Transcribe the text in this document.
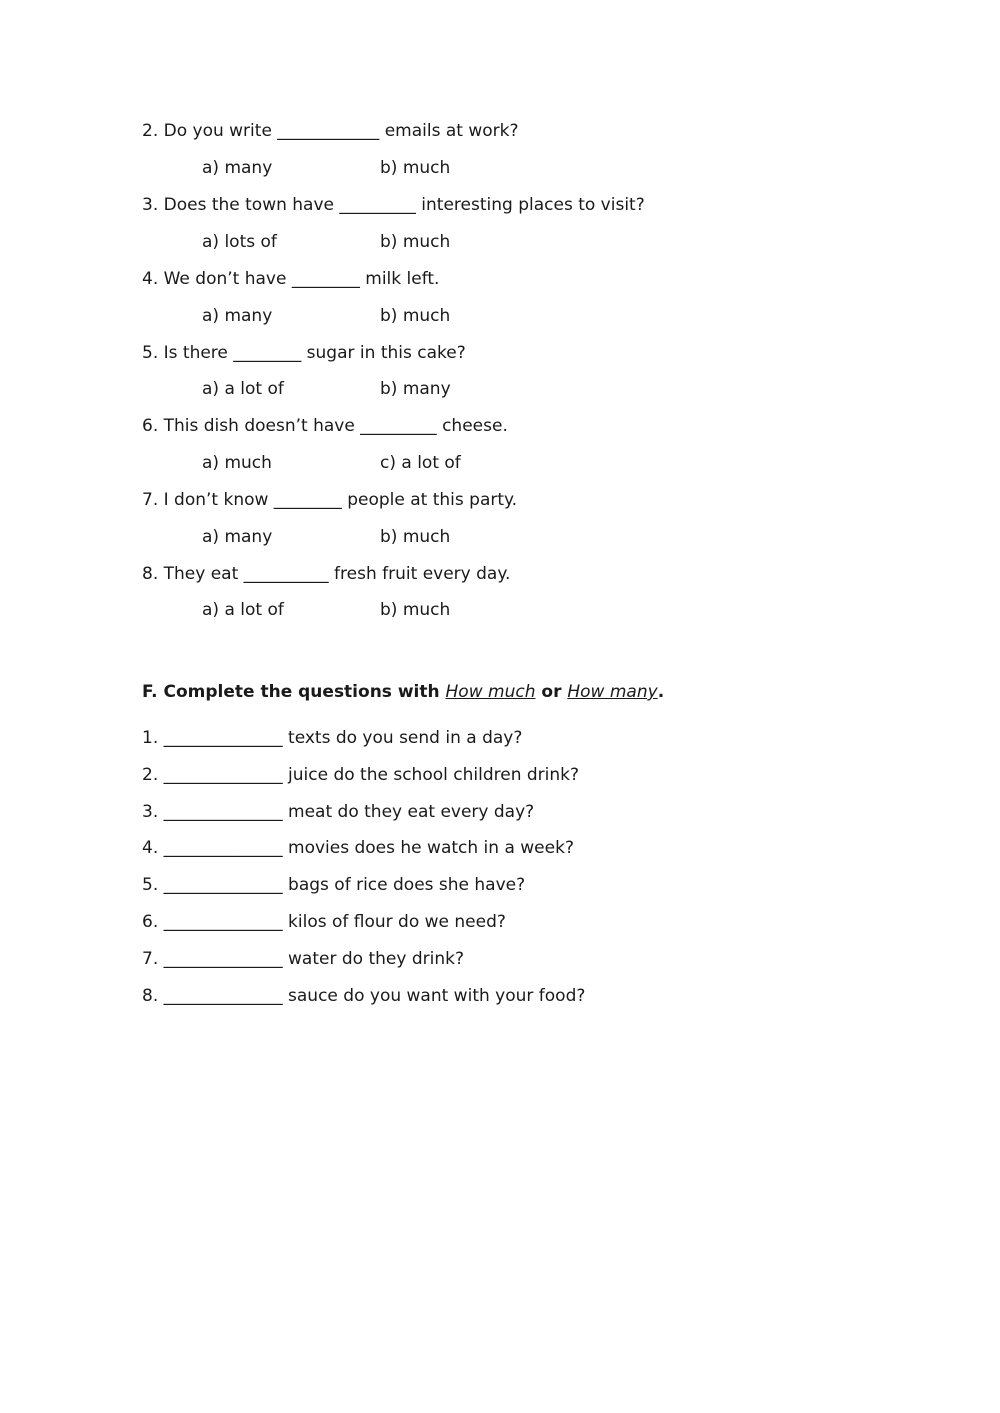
2. Do you write ____________ emails at work?
a) many	b) much
3. Does the town have _________ interesting places to visit?
a) lots of	b) much
4. We don’t have ________ milk left.
a) many	b) much
5. Is there ________ sugar in this cake?
a) a lot of	b) many
6. This dish doesn’t have _________ cheese.
a) much	c) a lot of
7. I don’t know ________ people at this party.
a) many	b) much
8. They eat __________ fresh fruit every day.
a) a lot of	b) much
F. Complete the questions with How much or How many.
1. ______________ texts do you send in a day?
2. ______________ juice do the school children drink?
3. ______________ meat do they eat every day?
4. ______________ movies does he watch in a week?
5. ______________ bags of rice does she have?
6. ______________ kilos of flour do we need?
7. ______________ water do they drink?
8. ______________ sauce do you want with your food?
